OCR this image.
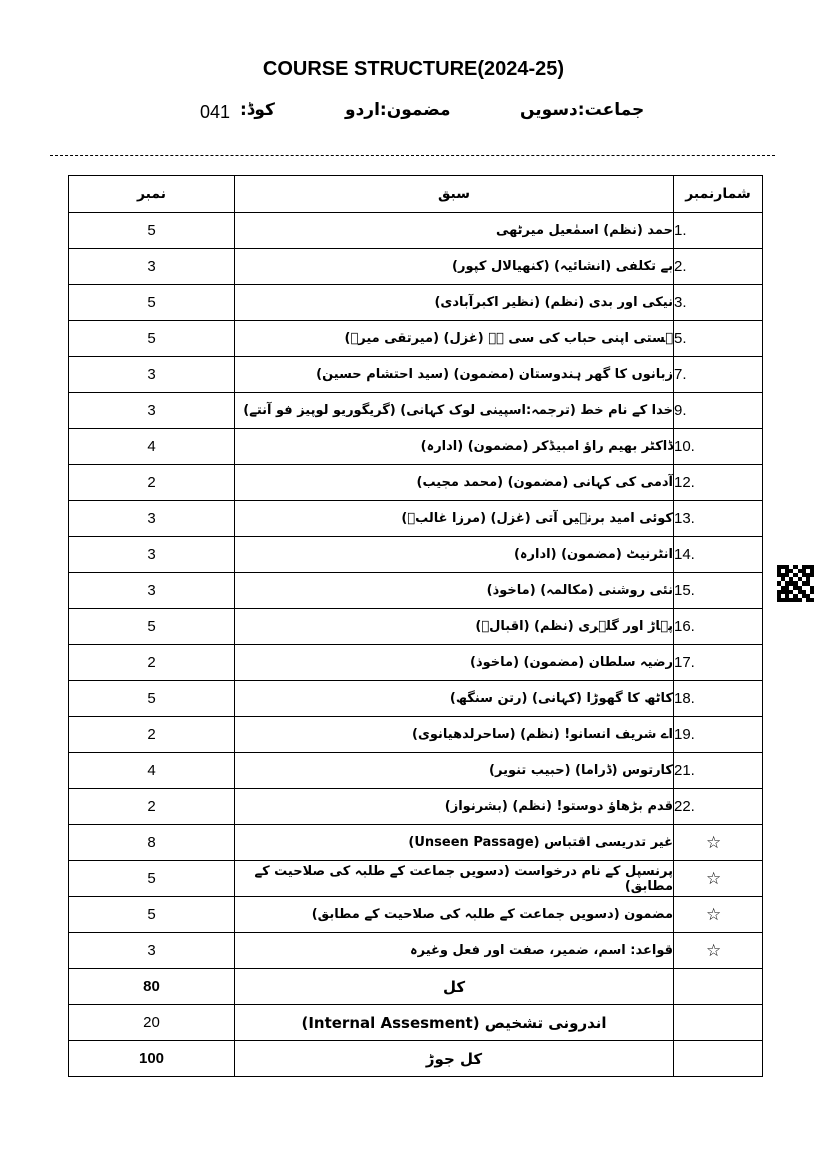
COURSE STRUCTURE(2024-25)
041 کوڈ:	مضمون:اردو	جماعت:دسویں
نمبر	سبق	شمارنمبر
5	حمد (نظم) اسمٰعیل میرٹھی	1.
3	بے تکلفی (انشائیہ) (کنھیالال کپور)	2.
5	نیکی اور بدی (نظم) (نظیر اکبرآبادی)	3.
5	ہستی اپنی حباب کی سی ہے (غزل) (میرتقی میرؔ)	5.
3	زبانوں کا گھر ہندوستان (مضمون) (سید احتشام حسین)	7.
3	خدا کے نام خط (ترجمہ:اسپینی لوک کہانی) (گریگوریو لوپیز فو آنتے)	9.
4	ڈاکٹر بھیم راؤ امبیڈکر (مضمون) (ادارہ)	10.
2	آدمی کی کہانی (مضمون) (محمد مجیب)	12.
3	کوئی امید برنہیں آتی (غزل) (مرزا غالبؔ)	13.
3	انٹرنیٹ (مضمون) (ادارہ)	14.
3	نئی روشنی (مکالمہ) (ماخوذ)	15.
5	پہاڑ اور گلہری (نظم) (اقبالؔ)	16.
2	رضیہ سلطان (مضمون) (ماخوذ)	17.
5	کاٹھ کا گھوڑا (کہانی) (رتن سنگھ)	18.
2	اے شریف انسانو! (نظم) (ساحرلدھیانوی)	19.
4	کارتوس (ڈراما) (حبیب تنویر)	21.
2	قدم بڑھاؤ دوستو! (نظم) (بشرنواز)	22.
8	غیر تدریسی اقتباس (Unseen Passage)	☆
5	پرنسپل کے نام درخواست (دسویں جماعت کے طلبہ کی صلاحیت کے مطابق)	☆
5	مضمون (دسویں جماعت کے طلبہ کی صلاحیت کے مطابق)	☆
3	قواعد: اسم، ضمیر، صفت اور فعل وغیرہ	☆
80	کل	
20	اندرونی تشخیص (Internal Assesment)	
100	کل جوڑ	
